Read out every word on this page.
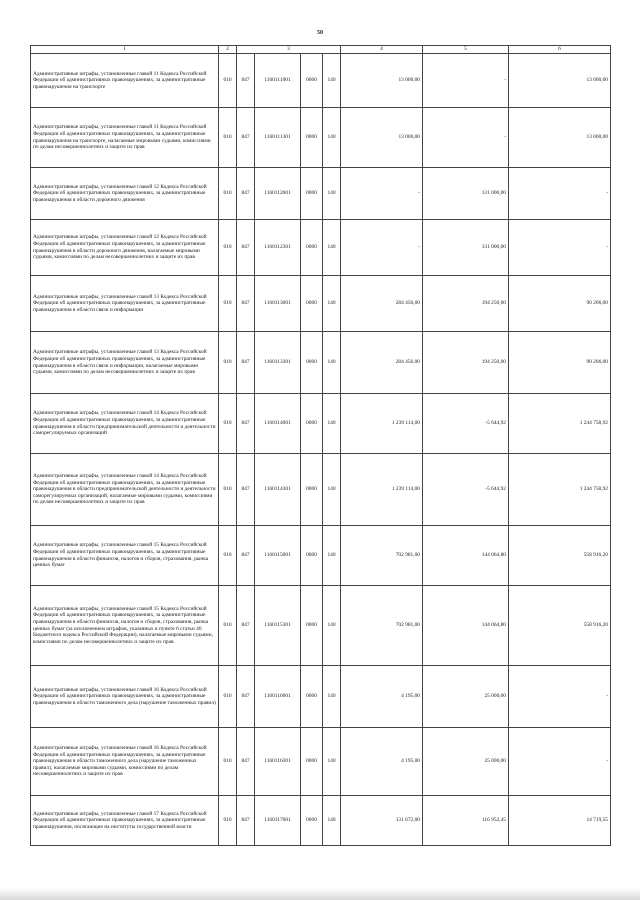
50
1	2	3				4	5	6
Административные штрафы, установленные главой 11 Кодекса Российской Федерации об административных правонарушениях, за административные правонарушения на транспорте	010	847	1160111001	0000	140	13 000,00	-	13 000,00
Административные штрафы, установленные главой 11 Кодекса Российской Федерации об административных правонарушениях, за административные правонарушения на транспорте, налагаемые мировыми судьями, комиссиями по делам несовершеннолетних и защите их прав	010	847	1160111301	0000	140	13 000,00	-	13 000,00
Административные штрафы, установленные главой 12 Кодекса Российской Федерации об административных правонарушениях, за административные правонарушения в области дорожного движения	010	847	1160112001	0000	140	-	131 000,00	-
Административные штрафы, установленные главой 12 Кодекса Российской Федерации об административных правонарушениях, за административные правонарушения в области дорожного движения, налагаемые мировыми судьями, комиссиями по делам несовершеннолетних и защите их прав	010	847	1160112301	0000	140	-	131 000,00	-
Административные штрафы, установленные главой 13 Кодекса Российской Федерации об административных правонарушениях, за административные правонарушения в области связи и информации	010	847	1160113001	0000	140	284 456,00	194 250,00	90 206,00
Административные штрафы, установленные главой 13 Кодекса Российской Федерации об административных правонарушениях, за административные правонарушения в области связи и информации, налагаемые мировыми судьями, комиссиями по делам несовершеннолетних и защите их прав	010	847	1160113301	0000	140	284 456,00	194 250,00	90 206,00
Административные штрафы, установленные главой 14 Кодекса Российской Федерации об административных правонарушениях, за административные правонарушения в области предпринимательской деятельности и деятельности саморегулируемых организаций	010	847	1160114001	0000	140	1 239 114,00	-5 644,92	1 244 758,92
Административные штрафы, установленные главой 14 Кодекса Российской Федерации об административных правонарушениях, за административные правонарушения в области предпринимательской деятельности и деятельности саморегулируемых организаций, налагаемые мировыми судьями, комиссиями по делам несовершеннолетних и защите их прав	010	847	1160114301	0000	140	1 239 114,00	-5 644,92	1 244 758,92
Административные штрафы, установленные главой 15 Кодекса Российской Федерации об административных правонарушениях, за административные правонарушения в области финансов, налогов и сборов, страхования, рынка ценных бумаг	010	847	1160115001	0000	140	702 981,00	144 064,80	558 916,20
Административные штрафы, установленные главой 15 Кодекса Российской Федерации об административных правонарушениях, за административные правонарушения в области финансов, налогов и сборов, страхования, рынка ценных бумаг (за исключением штрафов, указанных в пункте 6 статьи 46 Бюджетного кодекса Российской Федерации), налагаемые мировыми судьями, комиссиями по делам несовершеннолетних и защите их прав	010	847	1160115301	0000	140	702 981,00	144 064,80	558 916,20
Административные штрафы, установленные главой 16 Кодекса Российской Федерации об административных правонарушениях, за административные правонарушения в области таможенного дела (нарушение таможенных правил)	010	847	1160116001	0000	140	4 195,00	25 000,00	-
Административные штрафы, установленные главой 16 Кодекса Российской Федерации об административных правонарушениях, за административные правонарушения в области таможенного дела (нарушение таможенных правил), налагаемые мировыми судьями, комиссиями по делам несовершеннолетних и защите их прав	010	847	1160116301	0000	140	4 195,00	25 000,00	-
Административные штрафы, установленные главой 17 Кодекса Российской Федерации об административных правонарушениях, за административные правонарушения, посягающие на институты государственной власти	010	847	1160117001	0000	140	131 672,00	116 952,45	14 719,55
